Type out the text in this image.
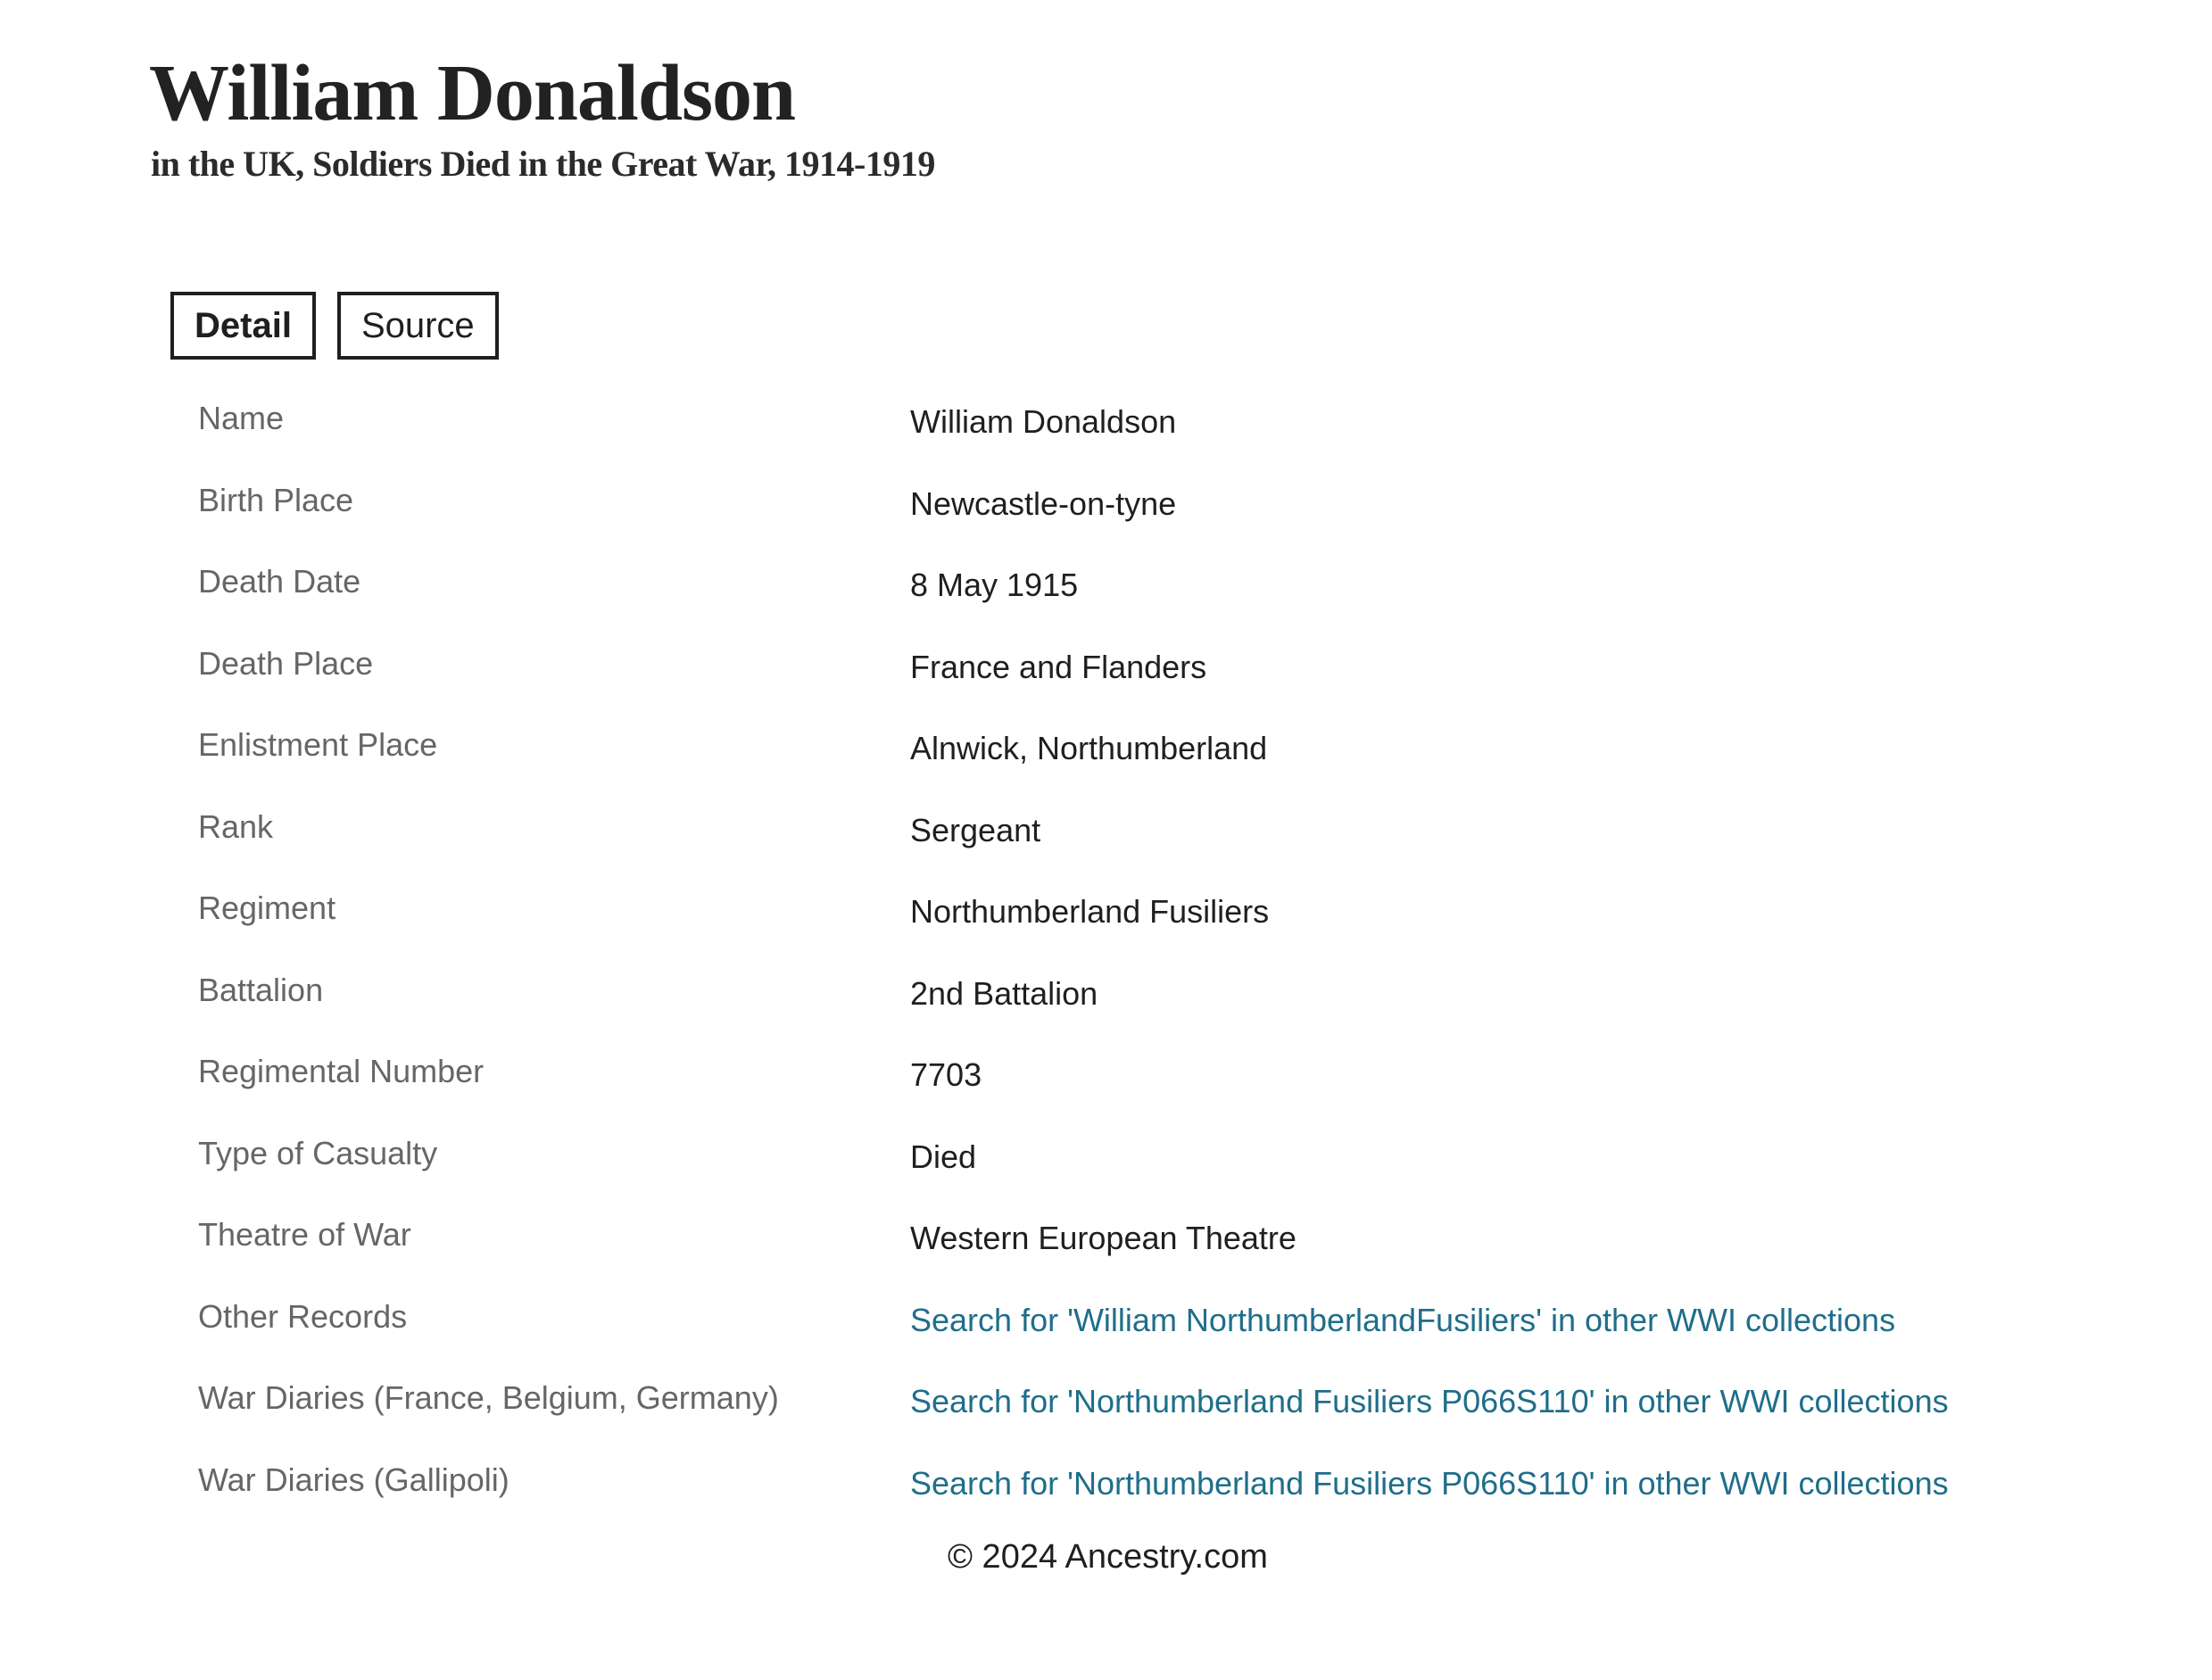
William Donaldson
in the UK, Soldiers Died in the Great War, 1914-1919
Detail	Source
Name	William Donaldson
Birth Place	Newcastle-on-tyne
Death Date	8 May 1915
Death Place	France and Flanders
Enlistment Place	Alnwick, Northumberland
Rank	Sergeant
Regiment	Northumberland Fusiliers
Battalion	2nd Battalion
Regimental Number	7703
Type of Casualty	Died
Theatre of War	Western European Theatre
Other Records	Search for 'William NorthumberlandFusiliers' in other WWI collections
War Diaries (France, Belgium, Germany)	Search for 'Northumberland Fusiliers P066S110' in other WWI collections
War Diaries (Gallipoli)	Search for 'Northumberland Fusiliers P066S110' in other WWI collections
© 2024 Ancestry.com
